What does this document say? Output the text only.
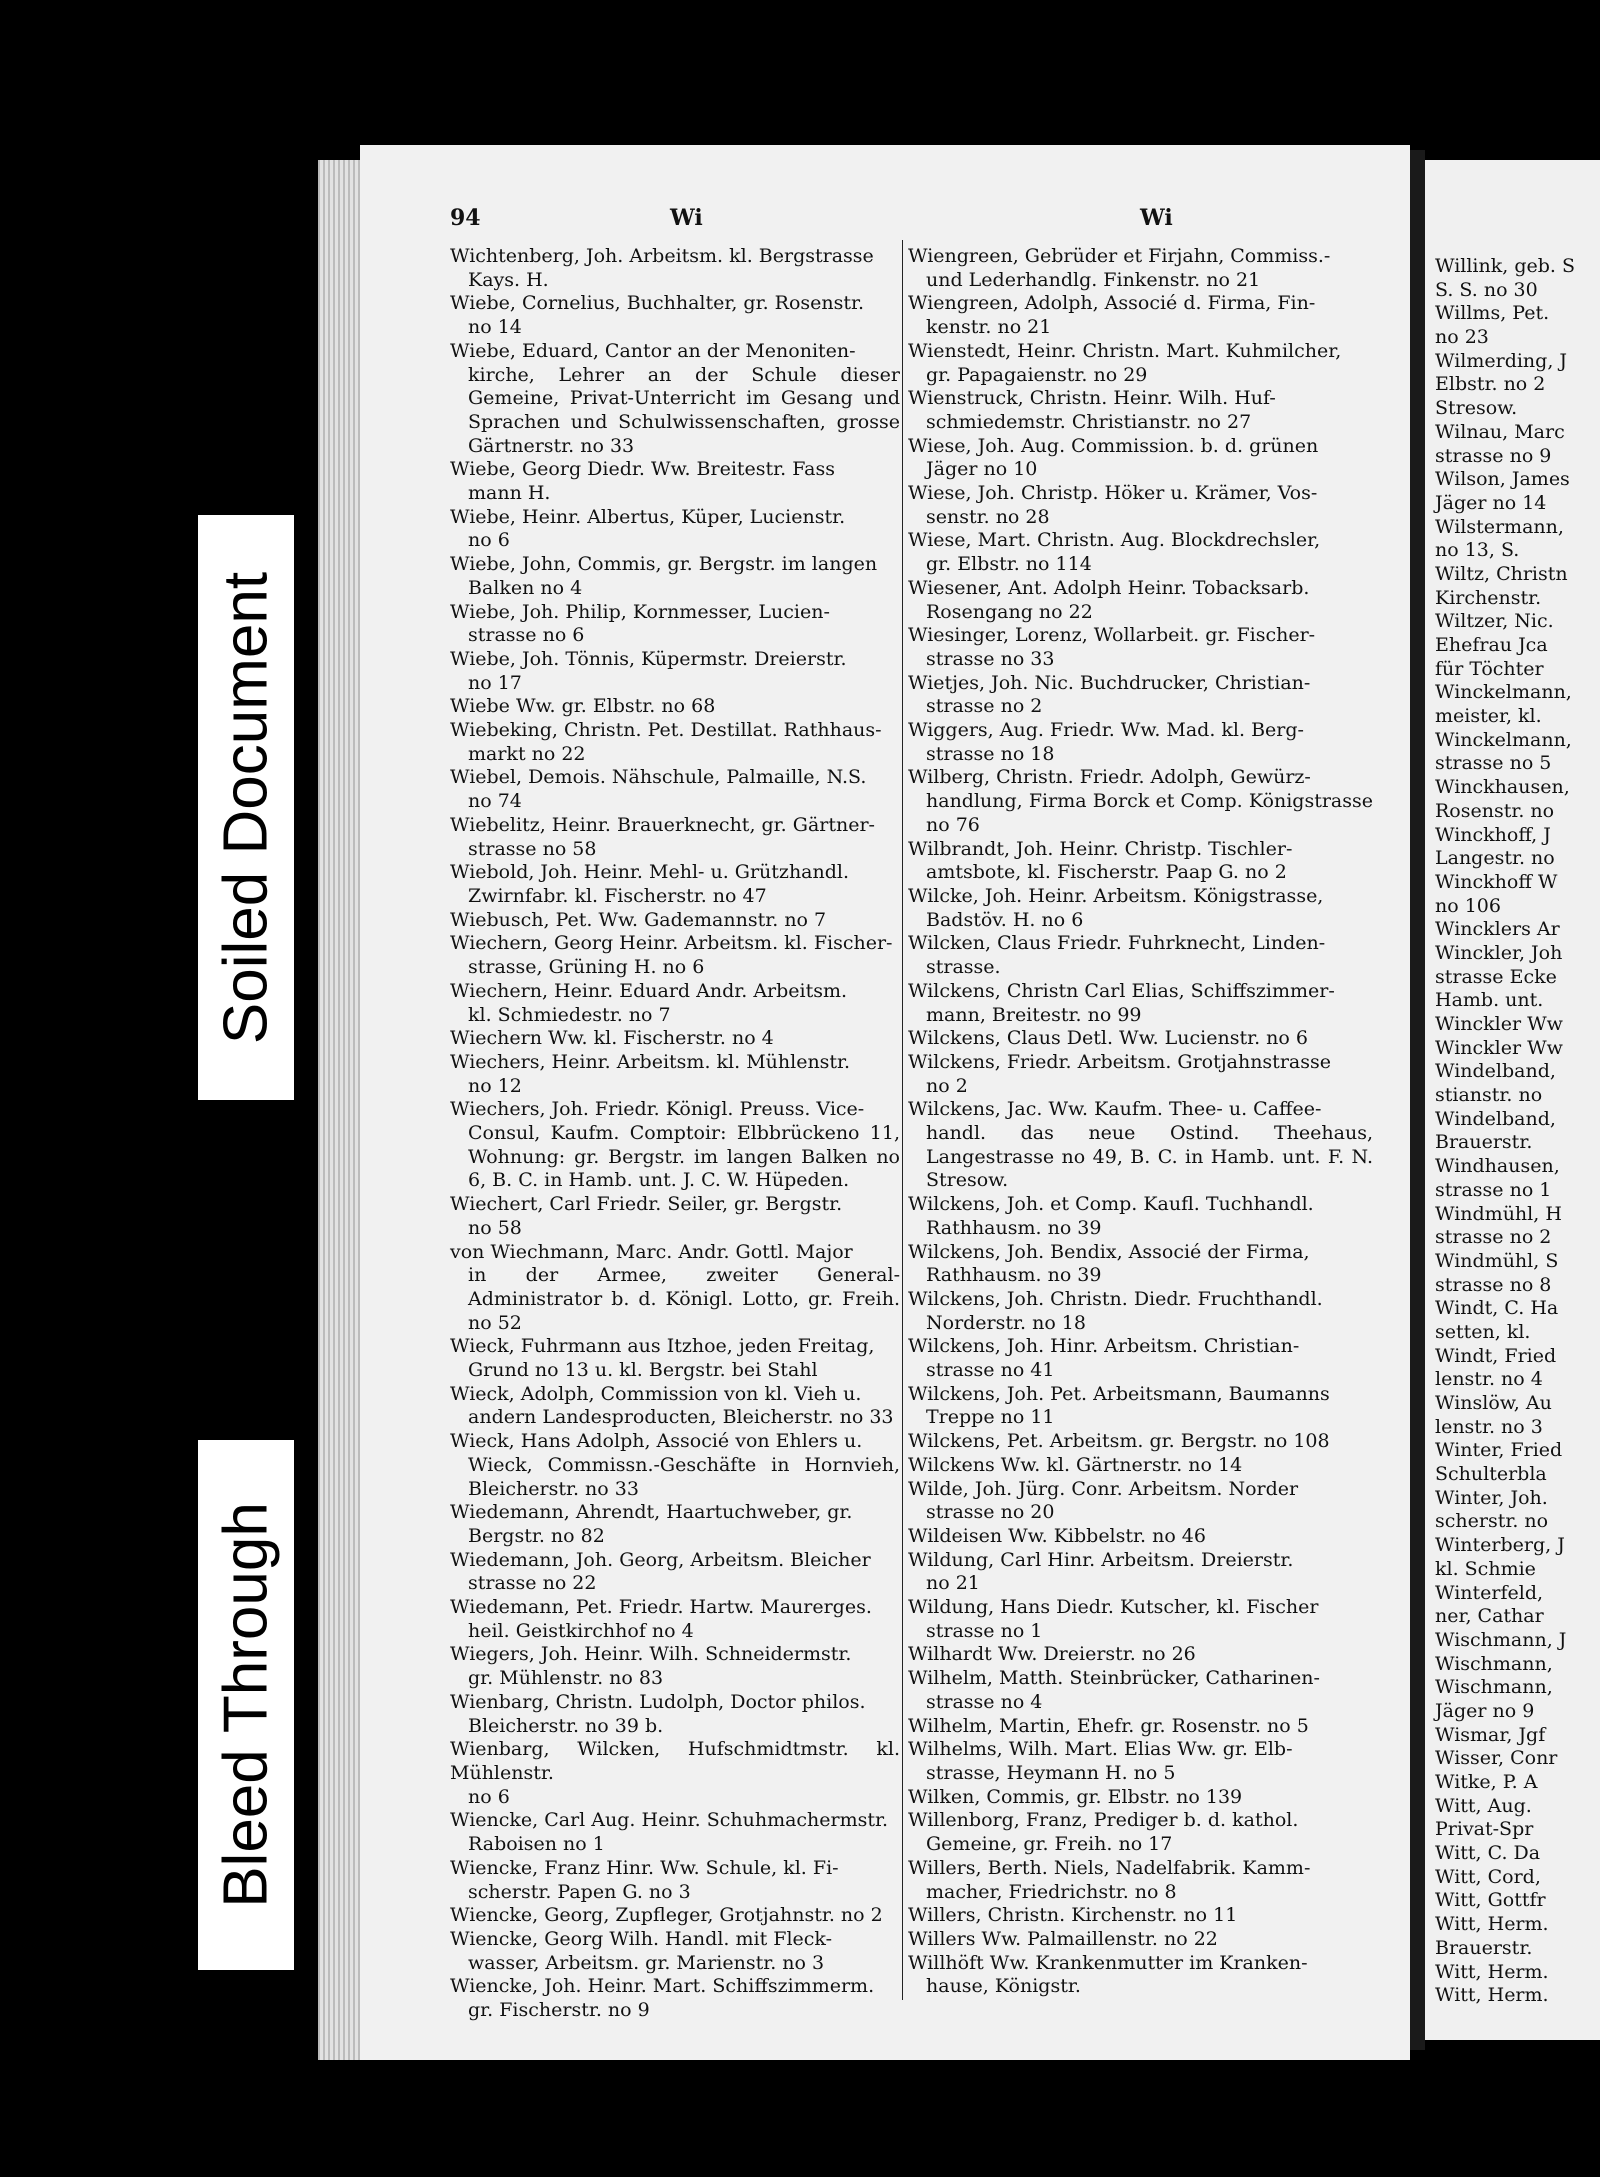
Soiled Document
Bleed Through
94	Wi	Wi
Wichtenberg, Joh. Arbeitsm. kl. Bergstrasse
Kays. H.
Wiebe, Cornelius, Buchhalter, gr. Rosenstr.
no 14
Wiebe, Eduard, Cantor an der Menoniten-
kirche, Lehrer an der Schule dieser Gemeine, Privat-Unterricht im Gesang und Sprachen und Schulwissenschaften, grosse Gärtnerstr. no 33
Wiebe, Georg Diedr. Ww. Breitestr. Fass
mann H.
Wiebe, Heinr. Albertus, Küper, Lucienstr.
no 6
Wiebe, John, Commis, gr. Bergstr. im langen
Balken no 4
Wiebe, Joh. Philip, Kornmesser, Lucien-
strasse no 6
Wiebe, Joh. Tönnis, Küpermstr. Dreierstr.
no 17
Wiebe Ww. gr. Elbstr. no 68
Wiebeking, Christn. Pet. Destillat. Rathhaus-
markt no 22
Wiebel, Demois. Nähschule, Palmaille, N.S.
no 74
Wiebelitz, Heinr. Brauerknecht, gr. Gärtner-
strasse no 58
Wiebold, Joh. Heinr. Mehl- u. Grützhandl.
Zwirnfabr. kl. Fischerstr. no 47
Wiebusch, Pet. Ww. Gademannstr. no 7
Wiechern, Georg Heinr. Arbeitsm. kl. Fischer-
strasse, Grüning H. no 6
Wiechern, Heinr. Eduard Andr. Arbeitsm.
kl. Schmiedestr. no 7
Wiechern Ww. kl. Fischerstr. no 4
Wiechers, Heinr. Arbeitsm. kl. Mühlenstr.
no 12
Wiechers, Joh. Friedr. Königl. Preuss. Vice-
Consul, Kaufm. Comptoir: Elbbrückeno 11, Wohnung: gr. Bergstr. im langen Balken no 6, B. C. in Hamb. unt. J. C. W. Hüpeden.
Wiechert, Carl Friedr. Seiler, gr. Bergstr.
no 58
von Wiechmann, Marc. Andr. Gottl. Major
in der Armee, zweiter General-Administrator b. d. Königl. Lotto, gr. Freih. no 52
Wieck, Fuhrmann aus Itzhoe, jeden Freitag,
Grund no 13 u. kl. Bergstr. bei Stahl
Wieck, Adolph, Commission von kl. Vieh u.
andern Landesproducten, Bleicherstr. no 33
Wieck, Hans Adolph, Associé von Ehlers u.
Wieck, Commissn.-Geschäfte in Hornvieh, Bleicherstr. no 33
Wiedemann, Ahrendt, Haartuchweber, gr.
Bergstr. no 82
Wiedemann, Joh. Georg, Arbeitsm. Bleicher
strasse no 22
Wiedemann, Pet. Friedr. Hartw. Maurerges.
heil. Geistkirchhof no 4
Wiegers, Joh. Heinr. Wilh. Schneidermstr.
gr. Mühlenstr. no 83
Wienbarg, Christn. Ludolph, Doctor philos.
Bleicherstr. no 39 b.
Wienbarg, Wilcken, Hufschmidtmstr. kl. Mühlenstr.
no 6
Wiencke, Carl Aug. Heinr. Schuhmachermstr.
Raboisen no 1
Wiencke, Franz Hinr. Ww. Schule, kl. Fi-
scherstr. Papen G. no 3
Wiencke, Georg, Zupfleger, Grotjahnstr. no 2
Wiencke, Georg Wilh. Handl. mit Fleck-
wasser, Arbeitsm. gr. Marienstr. no 3
Wiencke, Joh. Heinr. Mart. Schiffszimmerm.
gr. Fischerstr. no 9
Wiengreen, Gebrüder et Firjahn, Commiss.-
und Lederhandlg. Finkenstr. no 21
Wiengreen, Adolph, Associé d. Firma, Fin-
kenstr. no 21
Wienstedt, Heinr. Christn. Mart. Kuhmilcher,
gr. Papagaienstr. no 29
Wienstruck, Christn. Heinr. Wilh. Huf-
schmiedemstr. Christianstr. no 27
Wiese, Joh. Aug. Commission. b. d. grünen
Jäger no 10
Wiese, Joh. Christp. Höker u. Krämer, Vos-
senstr. no 28
Wiese, Mart. Christn. Aug. Blockdrechsler,
gr. Elbstr. no 114
Wiesener, Ant. Adolph Heinr. Tobacksarb.
Rosengang no 22
Wiesinger, Lorenz, Wollarbeit. gr. Fischer-
strasse no 33
Wietjes, Joh. Nic. Buchdrucker, Christian-
strasse no 2
Wiggers, Aug. Friedr. Ww. Mad. kl. Berg-
strasse no 18
Wilberg, Christn. Friedr. Adolph, Gewürz-
handlung, Firma Borck et Comp. Königstrasse no 76
Wilbrandt, Joh. Heinr. Christp. Tischler-
amtsbote, kl. Fischerstr. Paap G. no 2
Wilcke, Joh. Heinr. Arbeitsm. Königstrasse,
Badstöv. H. no 6
Wilcken, Claus Friedr. Fuhrknecht, Linden-
strasse.
Wilckens, Christn Carl Elias, Schiffszimmer-
mann, Breitestr. no 99
Wilckens, Claus Detl. Ww. Lucienstr. no 6
Wilckens, Friedr. Arbeitsm. Grotjahnstrasse
no 2
Wilckens, Jac. Ww. Kaufm. Thee- u. Caffee-
handl. das neue Ostind. Theehaus, Langestrasse no 49, B. C. in Hamb. unt. F. N. Stresow.
Wilckens, Joh. et Comp. Kaufl. Tuchhandl.
Rathhausm. no 39
Wilckens, Joh. Bendix, Associé der Firma,
Rathhausm. no 39
Wilckens, Joh. Christn. Diedr. Fruchthandl.
Norderstr. no 18
Wilckens, Joh. Hinr. Arbeitsm. Christian-
strasse no 41
Wilckens, Joh. Pet. Arbeitsmann, Baumanns
Treppe no 11
Wilckens, Pet. Arbeitsm. gr. Bergstr. no 108
Wilckens Ww. kl. Gärtnerstr. no 14
Wilde, Joh. Jürg. Conr. Arbeitsm. Norder
strasse no 20
Wildeisen Ww. Kibbelstr. no 46
Wildung, Carl Hinr. Arbeitsm. Dreierstr.
no 21
Wildung, Hans Diedr. Kutscher, kl. Fischer
strasse no 1
Wilhardt Ww. Dreierstr. no 26
Wilhelm, Matth. Steinbrücker, Catharinen-
strasse no 4
Wilhelm, Martin, Ehefr. gr. Rosenstr. no 5
Wilhelms, Wilh. Mart. Elias Ww. gr. Elb-
strasse, Heymann H. no 5
Wilken, Commis, gr. Elbstr. no 139
Willenborg, Franz, Prediger b. d. kathol.
Gemeine, gr. Freih. no 17
Willers, Berth. Niels, Nadelfabrik. Kamm-
macher, Friedrichstr. no 8
Willers, Christn. Kirchenstr. no 11
Willers Ww. Palmaillenstr. no 22
Willhöft Ww. Krankenmutter im Kranken-
hause, Königstr.
Willink, geb. S
S. S. no 30
Willms, Pet.
no 23
Wilmerding, J
Elbstr. no 2
Stresow.
Wilnau, Marc
strasse no 9
Wilson, James
Jäger no 14
Wilstermann,
no 13, S.
Wiltz, Christn
Kirchenstr.
Wiltzer, Nic.
Ehefrau Jca
für Töchter
Winckelmann,
meister, kl.
Winckelmann,
strasse no 5
Winckhausen,
Rosenstr. no
Winckhoff, J
Langestr. no
Winckhoff W
no 106
Wincklers Ar
Winckler, Joh
strasse Ecke
Hamb. unt.
Winckler Ww
Winckler Ww
Windelband,
stianstr. no
Windelband,
Brauerstr.
Windhausen,
strasse no 1
Windmühl, H
strasse no 2
Windmühl, S
strasse no 8
Windt, C. Ha
setten, kl.
Windt, Fried
lenstr. no 4
Winslöw, Au
lenstr. no 3
Winter, Fried
Schulterbla
Winter, Joh.
scherstr. no
Winterberg, J
kl. Schmie
Winterfeld,
ner, Cathar
Wischmann, J
Wischmann,
Wischmann,
Jäger no 9
Wismar, Jgf
Wisser, Conr
Witke, P. A
Witt, Aug.
Privat-Spr
Witt, C. Da
Witt, Cord,
Witt, Gottfr
Witt, Herm.
Brauerstr.
Witt, Herm.
Witt, Herm.
